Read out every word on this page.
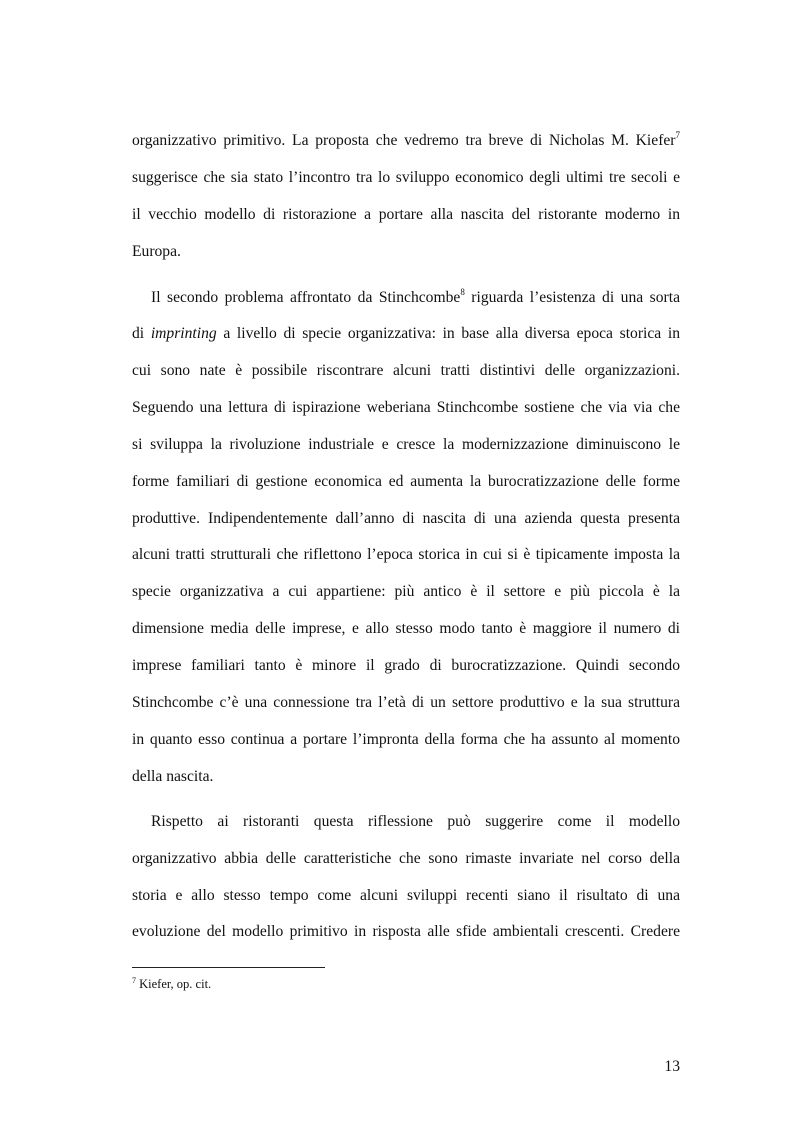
organizzativo primitivo. La proposta che vedremo tra breve di Nicholas M. Kiefer$^7$
suggerisce che sia stato l’incontro tra lo sviluppo economico degli ultimi tre secoli e
il vecchio modello di ristorazione a portare alla nascita del ristorante moderno in
Europa.
Il secondo problema affrontato da Stinchcombe$^8$ riguarda l’esistenza di una sorta
di imprinting a livello di specie organizzativa: in base alla diversa epoca storica in
cui sono nate è possibile riscontrare alcuni tratti distintivi delle organizzazioni.
Seguendo una lettura di ispirazione weberiana Stinchcombe sostiene che via via che
si sviluppa la rivoluzione industriale e cresce la modernizzazione diminuiscono le
forme familiari di gestione economica ed aumenta la burocratizzazione delle forme
produttive. Indipendentemente dall’anno di nascita di una azienda questa presenta
alcuni tratti strutturali che riflettono l’epoca storica in cui si è tipicamente imposta la
specie organizzativa a cui appartiene: più antico è il settore e più piccola è la
dimensione media delle imprese, e allo stesso modo tanto è maggiore il numero di
imprese familiari tanto è minore il grado di burocratizzazione. Quindi secondo
Stinchcombe c’è una connessione tra l’età di un settore produttivo e la sua struttura
in quanto esso continua a portare l’impronta della forma che ha assunto al momento
della nascita.
Rispetto ai ristoranti questa riflessione può suggerire come il modello
organizzativo abbia delle caratteristiche che sono rimaste invariate nel corso della
storia e allo stesso tempo come alcuni sviluppi recenti siano il risultato di una
evoluzione del modello primitivo in risposta alle sfide ambientali crescenti. Credere
$^7$ Kiefer, op. cit.
13
